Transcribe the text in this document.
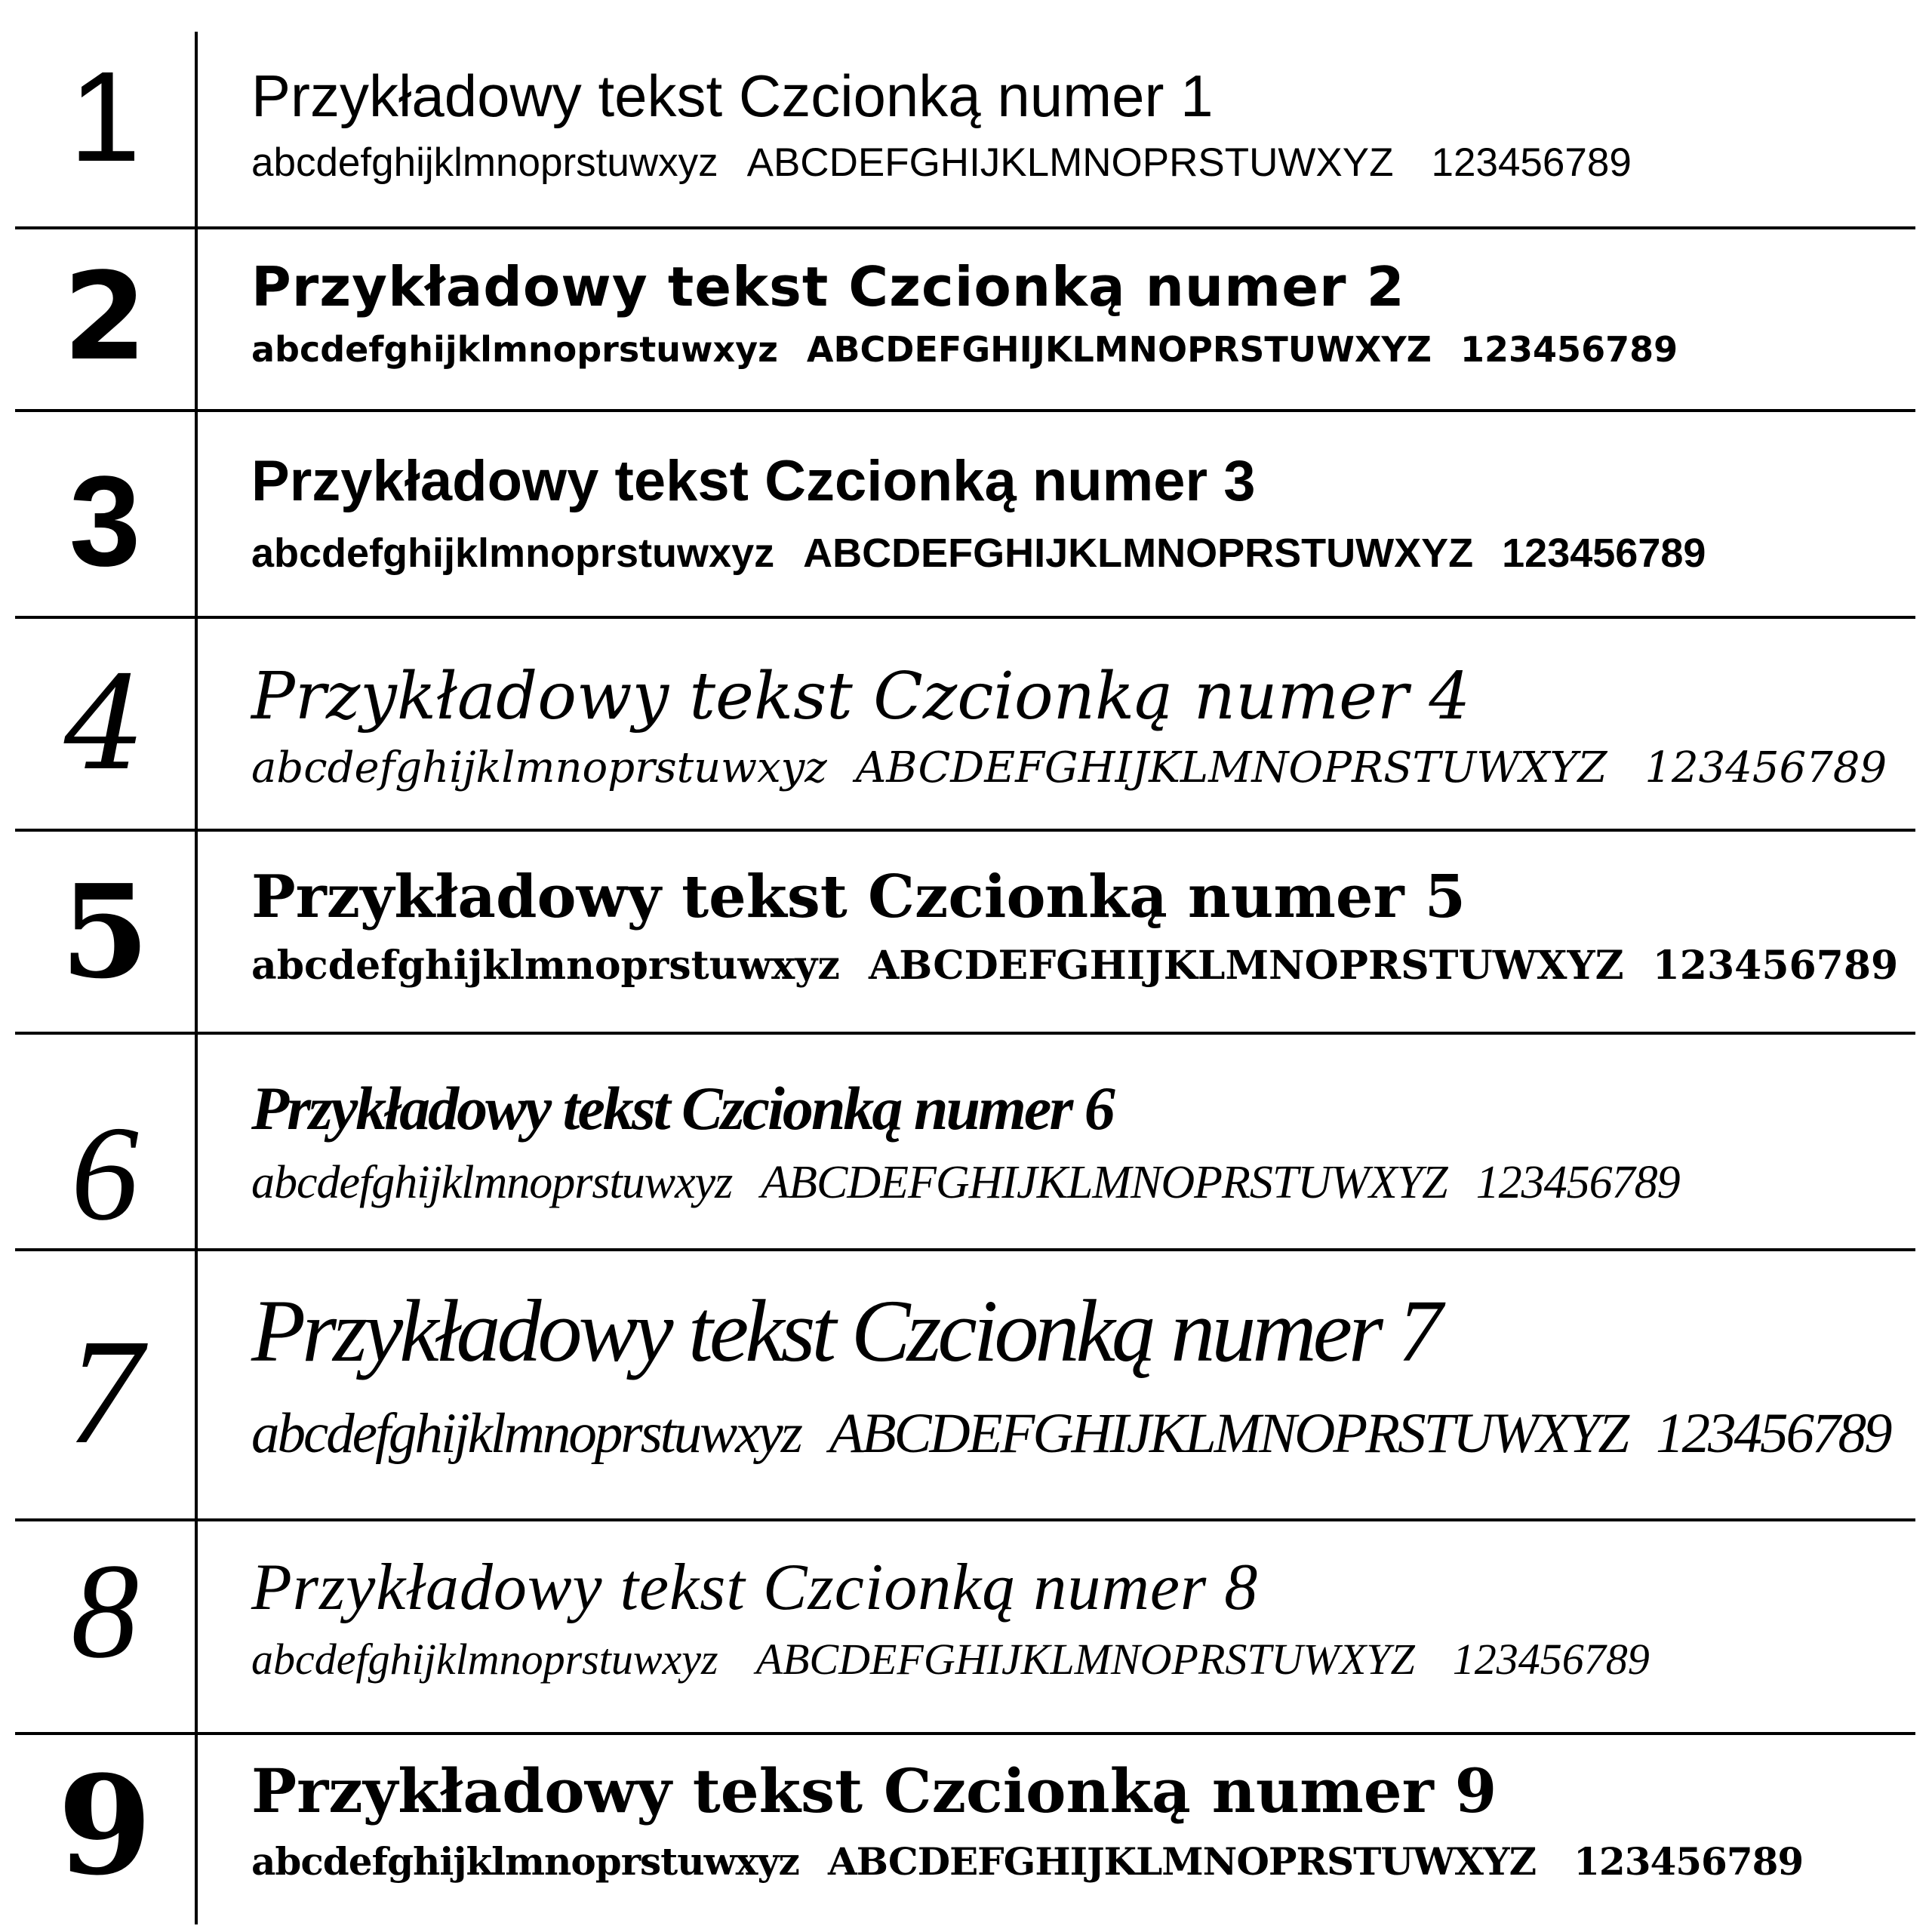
1	Przykładowy tekst Czcionką numer 1
abcdefghijklmnoprstuwxyz ABCDEFGHIJKLMNOPRSTUWXYZ 123456789
2	Przykładowy tekst Czcionką numer 2
abcdefghijklmnoprstuwxyz ABCDEFGHIJKLMNOPRSTUWXYZ 123456789
3	Przykładowy tekst Czcionką numer 3
abcdefghijklmnoprstuwxyz ABCDEFGHIJKLMNOPRSTUWXYZ 123456789
4	Przykładowy tekst Czcionką numer 4
abcdefghijklmnoprstuwxyz ABCDEFGHIJKLMNOPRSTUWXYZ 123456789
5	Przykładowy tekst Czcionką numer 5
abcdefghijklmnoprstuwxyz ABCDEFGHIJKLMNOPRSTUWXYZ 123456789
6	Przykładowy tekst Czcionką numer 6
abcdefghijklmnoprstuwxyz ABCDEFGHIJKLMNOPRSTUWXYZ 123456789
7	Przykładowy tekst Czcionką numer 7
abcdefghijklmnoprstuwxyz ABCDEFGHIJKLMNOPRSTUWXYZ 123456789
8	Przykładowy tekst Czcionką numer 8
abcdefghijklmnoprstuwxyz ABCDEFGHIJKLMNOPRSTUWXYZ 123456789
9	Przykładowy tekst Czcionką numer 9
abcdefghijklmnoprstuwxyz ABCDEFGHIJKLMNOPRSTUWXYZ 123456789
